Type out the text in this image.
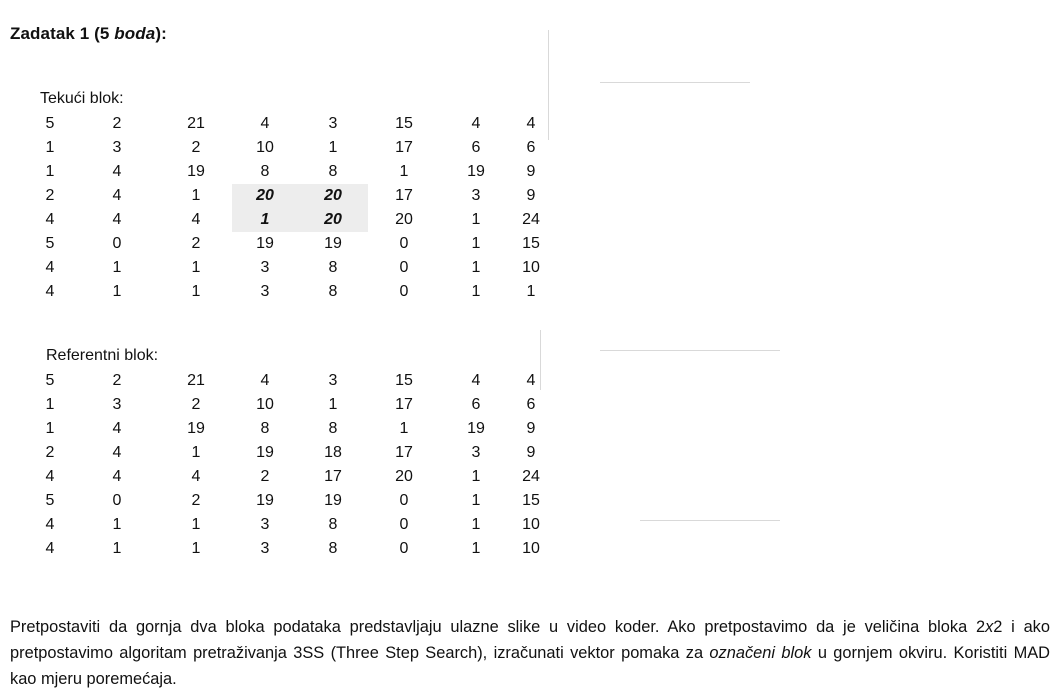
Zadatak 1 (5 boda):
Tekući blok:
5	2	21	4	3	15	4	4
1	3	2	10	1	17	6	6
1	4	19	8	8	1	19	9
2	4	1	20	20	17	3	9
4	4	4	1	20	20	1	24
5	0	2	19	19	0	1	15
4	1	1	3	8	0	1	10
4	1	1	3	8	0	1	1
Referentni blok:
5	2	21	4	3	15	4	4
1	3	2	10	1	17	6	6
1	4	19	8	8	1	19	9
2	4	1	19	18	17	3	9
4	4	4	2	17	20	1	24
5	0	2	19	19	0	1	15
4	1	1	3	8	0	1	10
4	1	1	3	8	0	1	10

Pretpostaviti da gornja dva bloka podataka predstavljaju ulazne slike u video koder. Ako pretpostavimo da je veličina bloka 2x2 i ako pretpostavimo algoritam pretraživanja 3SS (Three Step Search), izračunati vektor pomaka za označeni blok u gornjem okviru. Koristiti MAD kao mjeru poremećaja.
